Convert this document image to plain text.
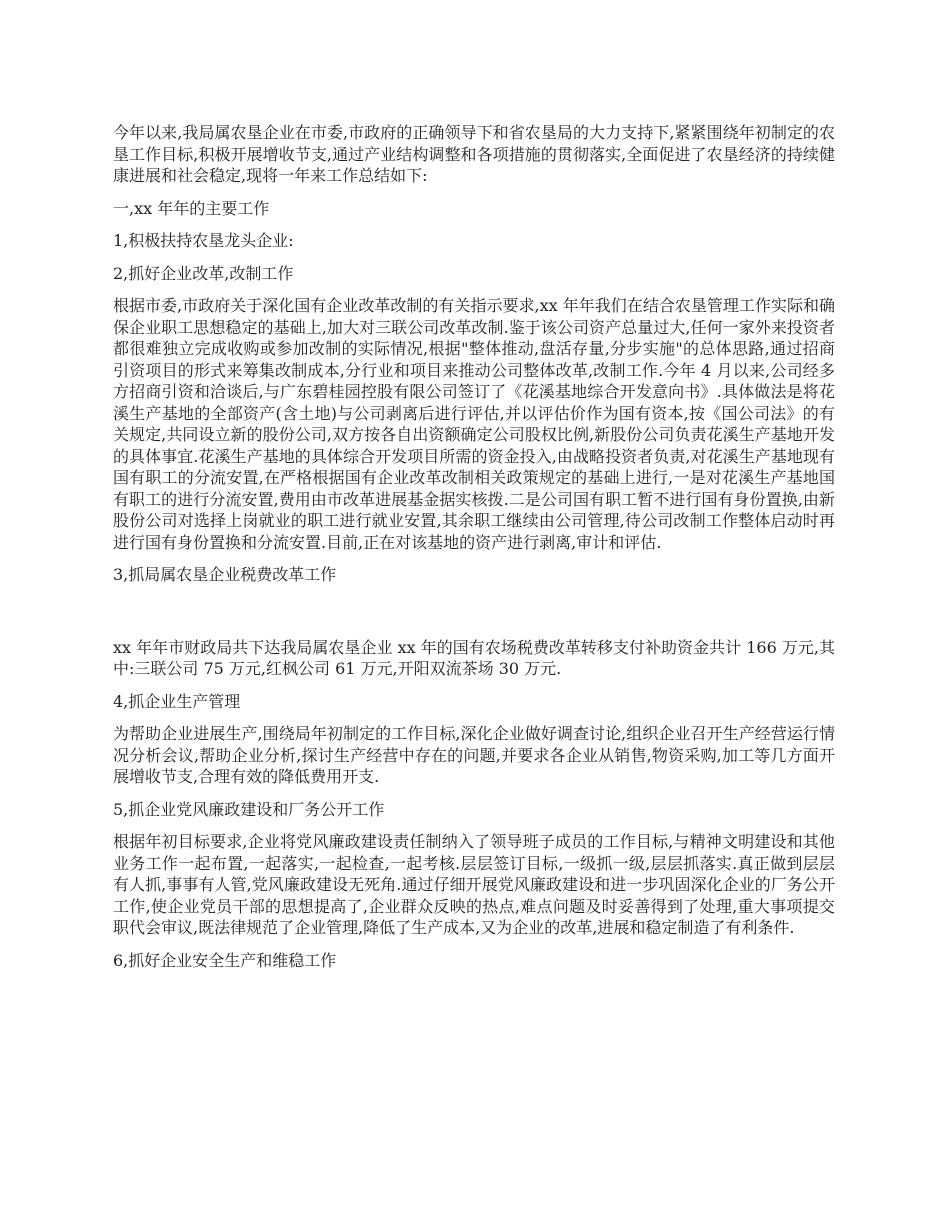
今年以来,我局属农垦企业在市委,市政府的正确领导下和省农垦局的大力支持下,紧紧围绕年初制定的农垦工作目标,积极开展增收节支,通过产业结构调整和各项措施的贯彻落实,全面促进了农垦经济的持续健康进展和社会稳定,现将一年来工作总结如下:

一,xx 年年的主要工作

1,积极扶持农垦龙头企业:

2,抓好企业改革,改制工作

根据市委,市政府关于深化国有企业改革改制的有关指示要求,xx 年年我们在结合农垦管理工作实际和确保企业职工思想稳定的基础上,加大对三联公司改革改制.鉴于该公司资产总量过大,任何一家外来投资者都很难独立完成收购或参加改制的实际情况,根据"整体推动,盘活存量,分步实施"的总体思路,通过招商引资项目的形式来筹集改制成本,分行业和项目来推动公司整体改革,改制工作.今年 4 月以来,公司经多方招商引资和洽谈后,与广东碧桂园控股有限公司签订了《花溪基地综合开发意向书》.具体做法是将花溪生产基地的全部资产(含土地)与公司剥离后进行评估,并以评估价作为国有资本,按《国公司法》的有关规定,共同设立新的股份公司,双方按各自出资额确定公司股权比例,新股份公司负责花溪生产基地开发的具体事宜.花溪生产基地的具体综合开发项目所需的资金投入,由战略投资者负责,对花溪生产基地现有国有职工的分流安置,在严格根据国有企业改革改制相关政策规定的基础上进行,一是对花溪生产基地国有职工的进行分流安置,费用由市改革进展基金据实核拨.二是公司国有职工暂不进行国有身份置换,由新股份公司对选择上岗就业的职工进行就业安置,其余职工继续由公司管理,待公司改制工作整体启动时再进行国有身份置换和分流安置.目前,正在对该基地的资产进行剥离,审计和评估.

3,抓局属农垦企业税费改革工作

xx 年年市财政局共下达我局属农垦企业 xx 年的国有农场税费改革转移支付补助资金共计 166 万元,其中:三联公司 75 万元,红枫公司 61 万元,开阳双流茶场 30 万元.

4,抓企业生产管理

为帮助企业进展生产,围绕局年初制定的工作目标,深化企业做好调查讨论,组织企业召开生产经营运行情况分析会议,帮助企业分析,探讨生产经营中存在的问题,并要求各企业从销售,物资采购,加工等几方面开展增收节支,合理有效的降低费用开支.

5,抓企业党风廉政建设和厂务公开工作

根据年初目标要求,企业将党风廉政建设责任制纳入了领导班子成员的工作目标,与精神文明建设和其他业务工作一起布置,一起落实,一起检查,一起考核.层层签订目标,一级抓一级,层层抓落实.真正做到层层有人抓,事事有人管,党风廉政建设无死角.通过仔细开展党风廉政建设和进一步巩固深化企业的厂务公开工作,使企业党员干部的思想提高了,企业群众反映的热点,难点问题及时妥善得到了处理,重大事项提交职代会审议,既法律规范了企业管理,降低了生产成本,又为企业的改革,进展和稳定制造了有利条件.

6,抓好企业安全生产和维稳工作
